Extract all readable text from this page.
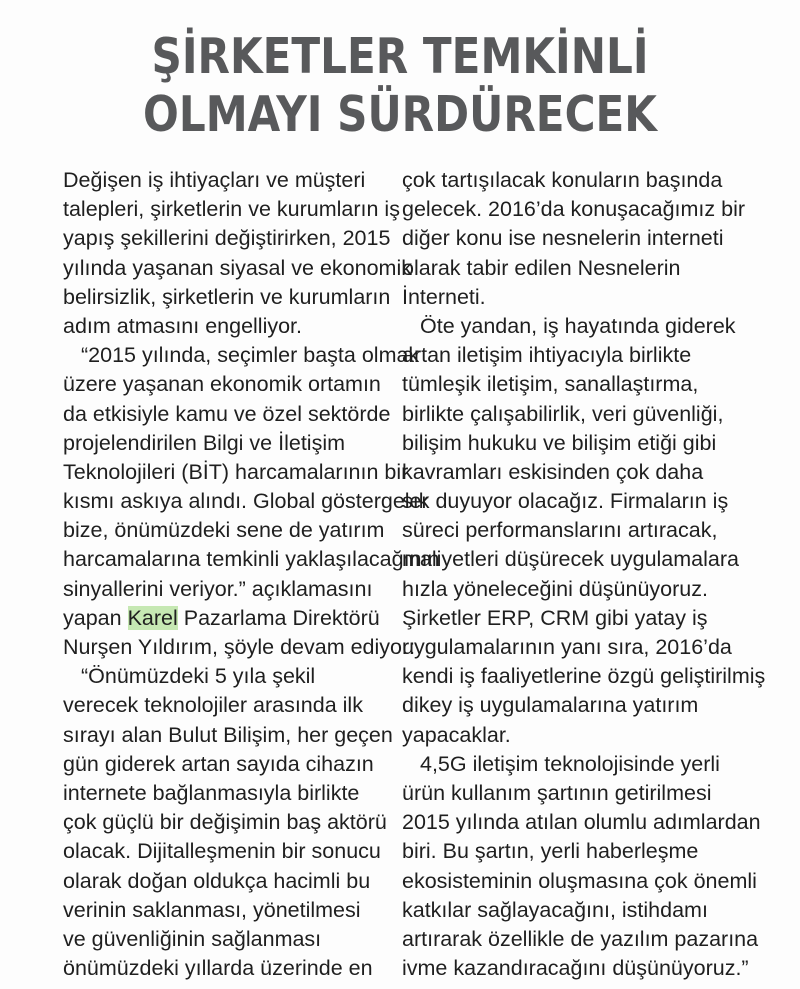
ŞİRKETLER TEMKİNLİ
OLMAYI SÜRDÜRECEK
Değişen iş ihtiyaçları ve müşteri
talepleri, şirketlerin ve kurumların iş
yapış şekillerini değiştirirken, 2015
yılında yaşanan siyasal ve ekonomik
belirsizlik, şirketlerin ve kurumların
adım atmasını engelliyor.
“2015 yılında, seçimler başta olmak
üzere yaşanan ekonomik ortamın
da etkisiyle kamu ve özel sektörde
projelendirilen Bilgi ve İletişim
Teknolojileri (BİT) harcamalarının bir
kısmı askıya alındı. Global göstergeler
bize, önümüzdeki sene de yatırım
harcamalarına temkinli yaklaşılacağının
sinyallerini veriyor.” açıklamasını
yapan Karel Pazarlama Direktörü
Nurşen Yıldırım, şöyle devam ediyor:
“Önümüzdeki 5 yıla şekil
verecek teknolojiler arasında ilk
sırayı alan Bulut Bilişim, her geçen
gün giderek artan sayıda cihazın
internete bağlanmasıyla birlikte
çok güçlü bir değişimin baş aktörü
olacak. Dijitalleşmenin bir sonucu
olarak doğan oldukça hacimli bu
verinin saklanması, yönetilmesi
ve güvenliğinin sağlanması
önümüzdeki yıllarda üzerinde en
çok tartışılacak konuların başında
gelecek. 2016’da konuşacağımız bir
diğer konu ise nesnelerin interneti
olarak tabir edilen Nesnelerin
İnterneti.
Öte yandan, iş hayatında giderek
artan iletişim ihtiyacıyla birlikte
tümleşik iletişim, sanallaştırma,
birlikte çalışabilirlik, veri güvenliği,
bilişim hukuku ve bilişim etiği gibi
kavramları eskisinden çok daha
sık duyuyor olacağız. Firmaların iş
süreci performanslarını artıracak,
maliyetleri düşürecek uygulamalara
hızla yöneleceğini düşünüyoruz.
Şirketler ERP, CRM gibi yatay iş
uygulamalarının yanı sıra, 2016’da
kendi iş faaliyetlerine özgü geliştirilmiş
dikey iş uygulamalarına yatırım
yapacaklar.
4,5G iletişim teknolojisinde yerli
ürün kullanım şartının getirilmesi
2015 yılında atılan olumlu adımlardan
biri. Bu şartın, yerli haberleşme
ekosisteminin oluşmasına çok önemli
katkılar sağlayacağını, istihdamı
artırarak özellikle de yazılım pazarına
ivme kazandıracağını düşünüyoruz.”
